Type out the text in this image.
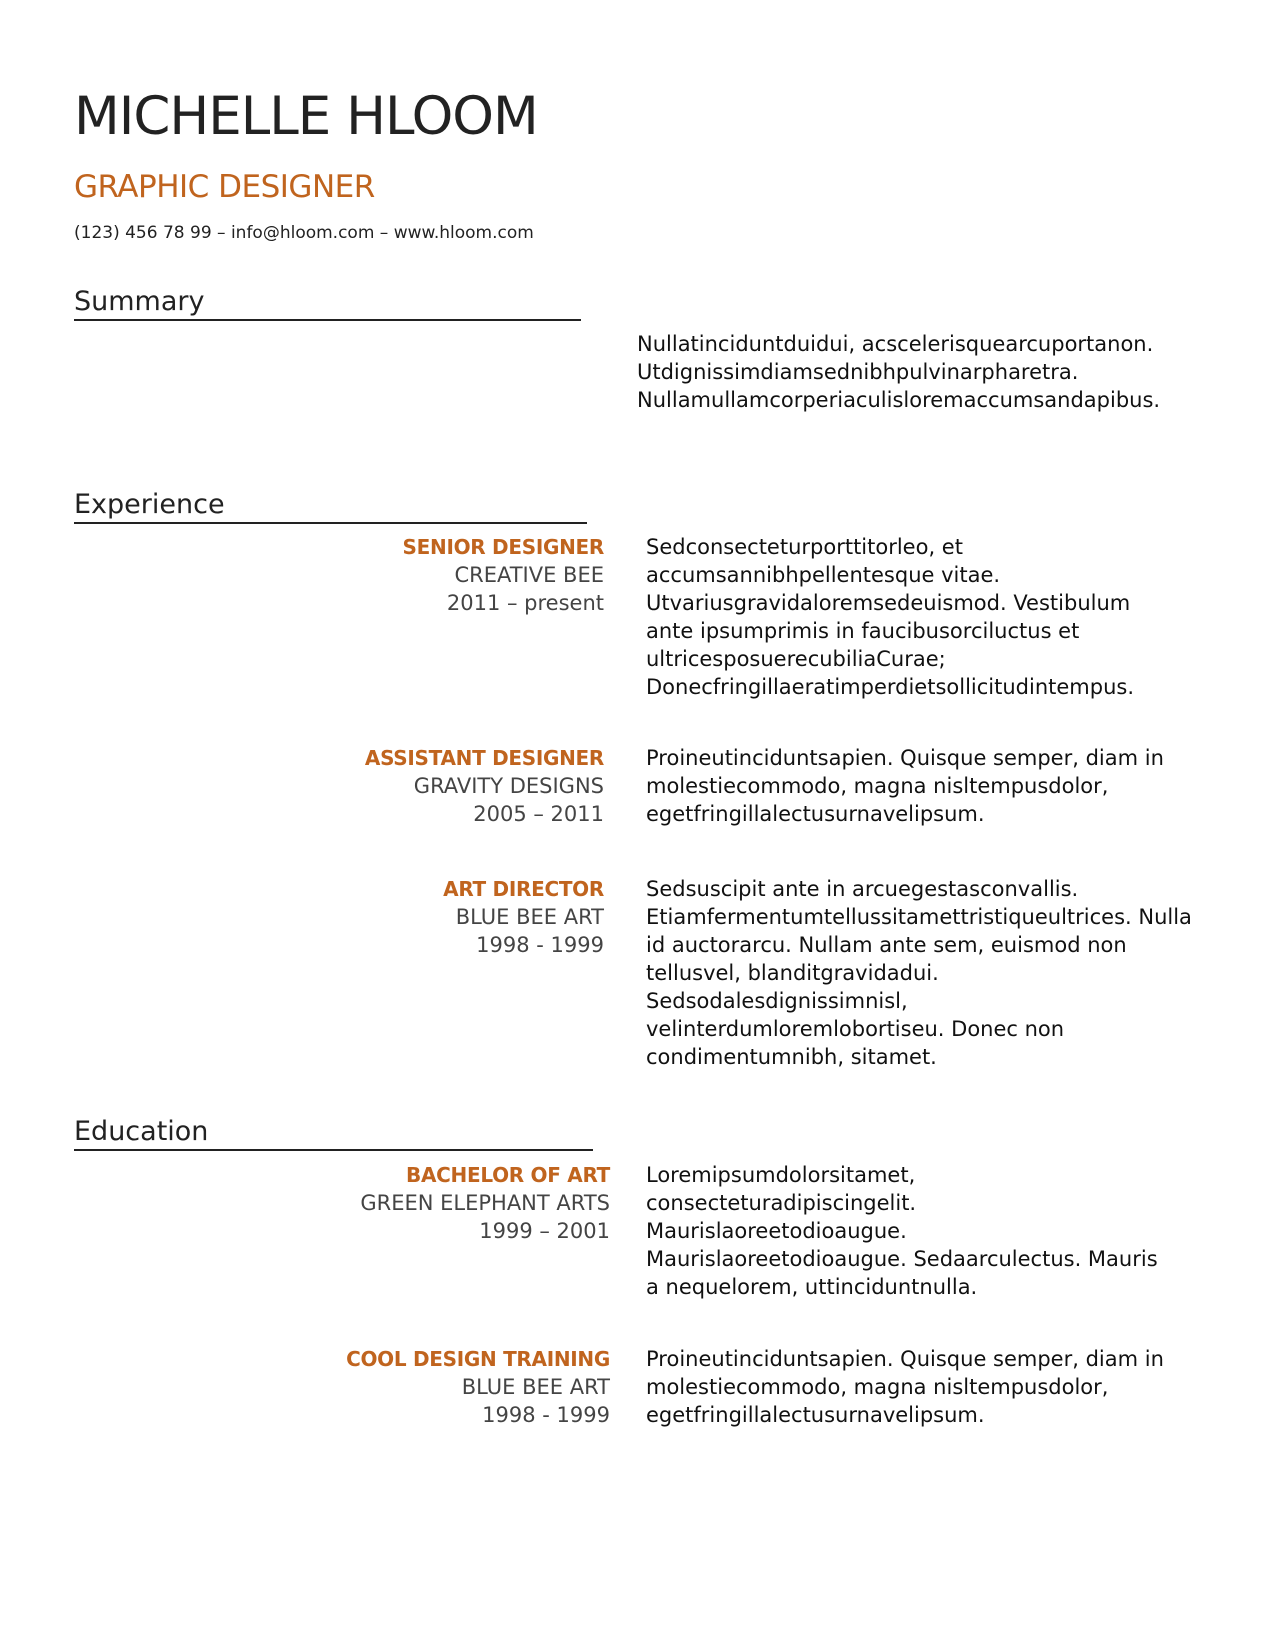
MICHELLE HLOOM
GRAPHIC DESIGNER
(123) 456 78 99 – info@hloom.com – www.hloom.com
Summary
Nullatinciduntduidui, acscelerisquearcuportanon.
Utdignissimdiamsednibhpulvinarpharetra.
Nullamullamcorperiaculisloremaccumsandapibus.
Experience
SENIOR DESIGNER
CREATIVE BEE
2011 – present
Sedconsecteturporttitorleo, et
accumsannibhpellentesque vitae.
Utvariusgravidaloremsedeuismod. Vestibulum
ante ipsumprimis in faucibusorciluctus et
ultricesposuerecubiliaCurae;
Donecfringillaeratimperdietsollicitudintempus.
ASSISTANT DESIGNER
GRAVITY DESIGNS
2005 – 2011
Proineutinciduntsapien. Quisque semper, diam in
molestiecommodo, magna nisltempusdolor,
egetfringillalectusurnavelipsum.
ART DIRECTOR
BLUE BEE ART
1998 - 1999
Sedsuscipit ante in arcuegestasconvallis.
Etiamfermentumtellussitamettristiqueultrices. Nulla
id auctorarcu. Nullam ante sem, euismod non
tellusvel, blanditgravidadui.
Sedsodalesdignissimnisl,
velinterdumloremlobortiseu. Donec non
condimentumnibh, sitamet.
Education
BACHELOR OF ART
GREEN ELEPHANT ARTS
1999 – 2001
Loremipsumdolorsitamet,
consecteturadipiscingelit.
Maurislaoreetodioaugue.
Maurislaoreetodioaugue. Sedaarculectus. Mauris
a nequelorem, uttinciduntnulla.
COOL DESIGN TRAINING
BLUE BEE ART
1998 - 1999
Proineutinciduntsapien. Quisque semper, diam in
molestiecommodo, magna nisltempusdolor,
egetfringillalectusurnavelipsum.
